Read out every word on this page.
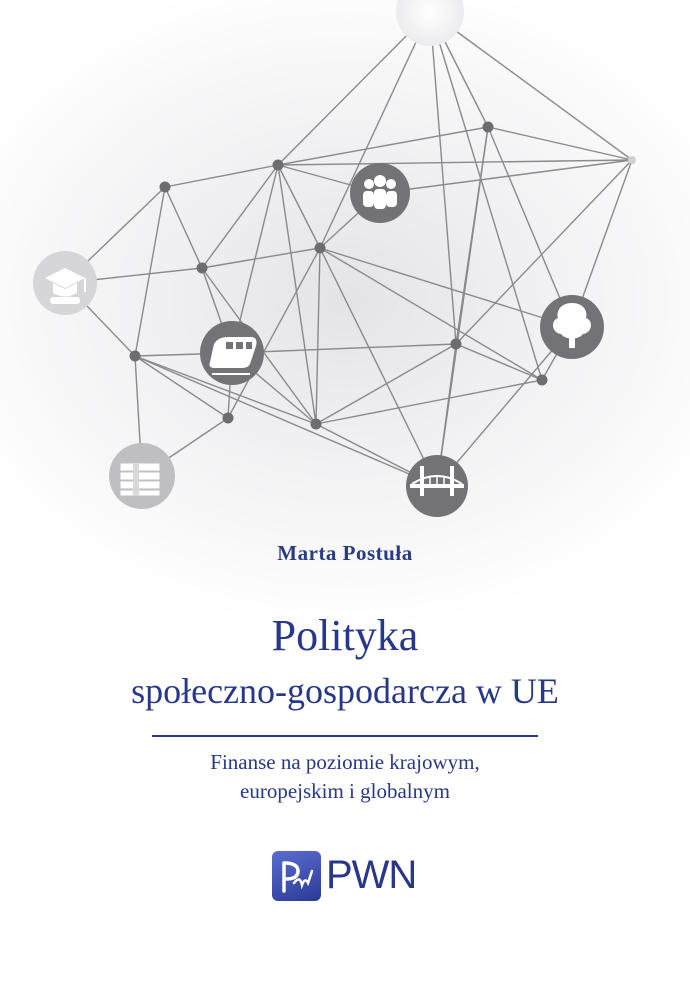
Marta Postuła
Polityka
społeczno-gospodarcza w UE
Finanse na poziomie krajowym,
europejskim i globalnym
PWN
